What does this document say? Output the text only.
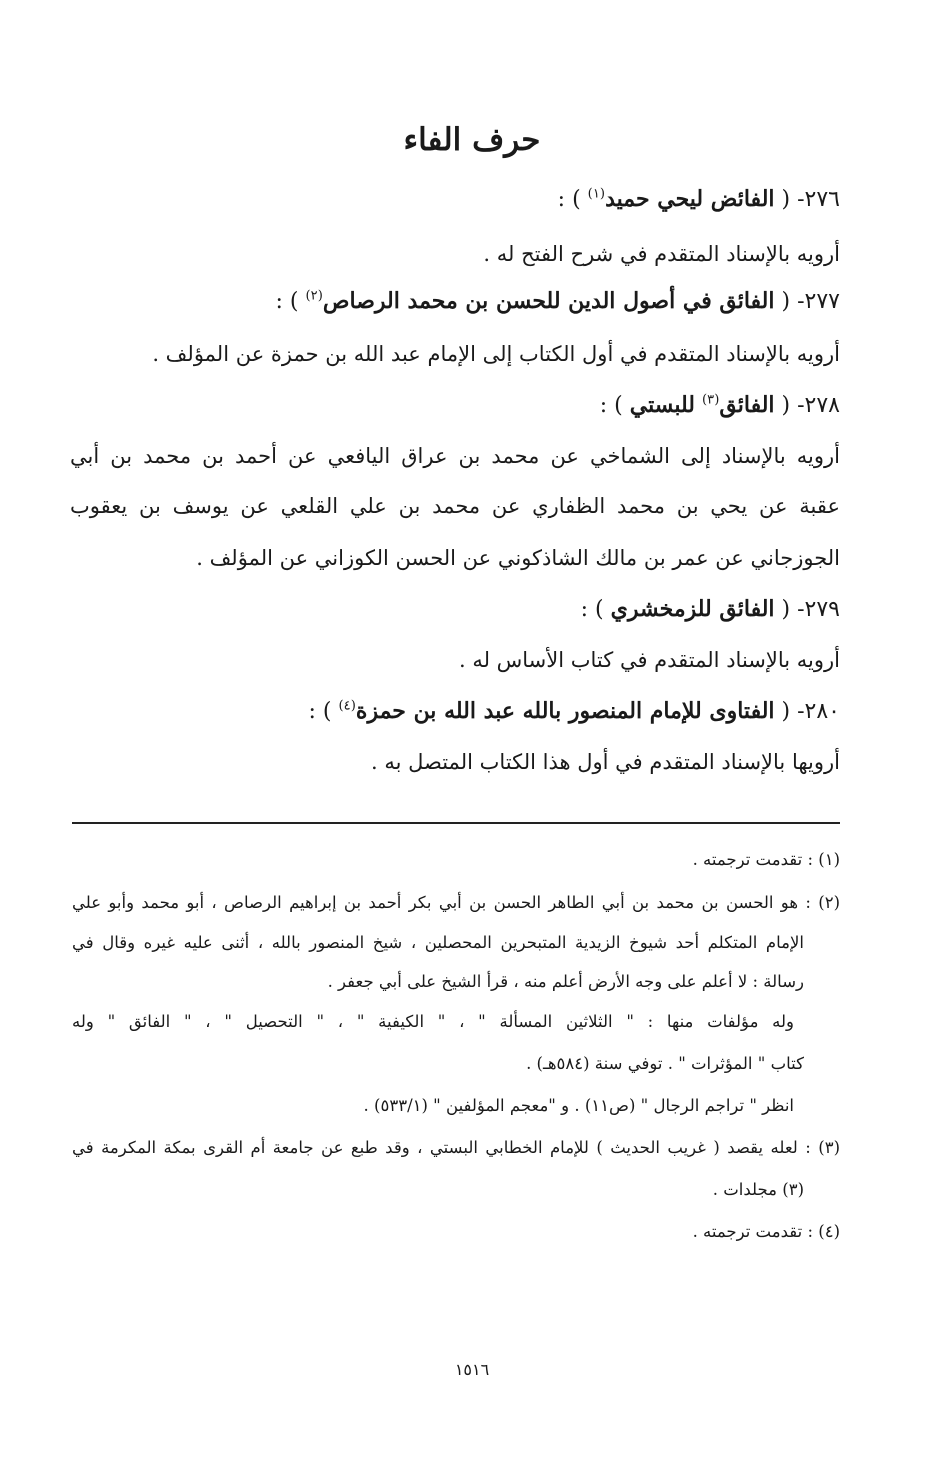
حرف الفاء
٢٧٦- ( الفائض ليحي حميد$^{(١)}$ ) :
أرويه بالإسناد المتقدم في شرح الفتح له .
٢٧٧- ( الفائق في أصول الدين للحسن بن محمد الرصاص$^{(٢)}$ ) :
أرويه بالإسناد المتقدم في أول الكتاب إلى الإمام عبد الله بن حمزة عن المؤلف .
٢٧٨- ( الفائق$^{(٣)}$ للبستي ) :
أرويه بالإسناد إلى الشماخي عن محمد بن عراق اليافعي عن أحمد بن محمد بن أبي
عقبة عن يحي بن محمد الظفاري عن محمد بن علي القلعي عن يوسف بن يعقوب
الجوزجاني عن عمر بن مالك الشاذكوني عن الحسن الكوزاني عن المؤلف .
٢٧٩- ( الفائق للزمخشري ) :
أرويه بالإسناد المتقدم في كتاب الأساس له .
٢٨٠- ( الفتاوى للإمام المنصور بالله عبد الله بن حمزة$^{(٤)}$ ) :
أرويها بالإسناد المتقدم في أول هذا الكتاب المتصل به .
(١) : تقدمت ترجمته .
(٢) : هو الحسن بن محمد بن أبي الطاهر الحسن بن أبي بكر أحمد بن إبراهيم الرصاص ، أبو محمد وأبو علي
الإمام المتكلم أحد شيوخ الزيدية المتبحرين المحصلين ، شيخ المنصور بالله ، أثنى عليه غيره وقال في
رسالة : لا أعلم على وجه الأرض أعلم منه ، قرأ الشيخ على أبي جعفر .
وله مؤلفات منها : " الثلاثين المسألة " ، " الكيفية " ، " التحصيل " ، " الفائق " وله
كتاب " المؤثرات " . توفي سنة (٥٨٤هـ) .
انظر " تراجم الرجال " (ص١١) . و "معجم المؤلفين " (٥٣٣/١) .
(٣) : لعله يقصد ( غريب الحديث ) للإمام الخطابي البستي ، وقد طبع عن جامعة أم القرى بمكة المكرمة في
(٣) مجلدات .
(٤) : تقدمت ترجمته .
١٥١٦
